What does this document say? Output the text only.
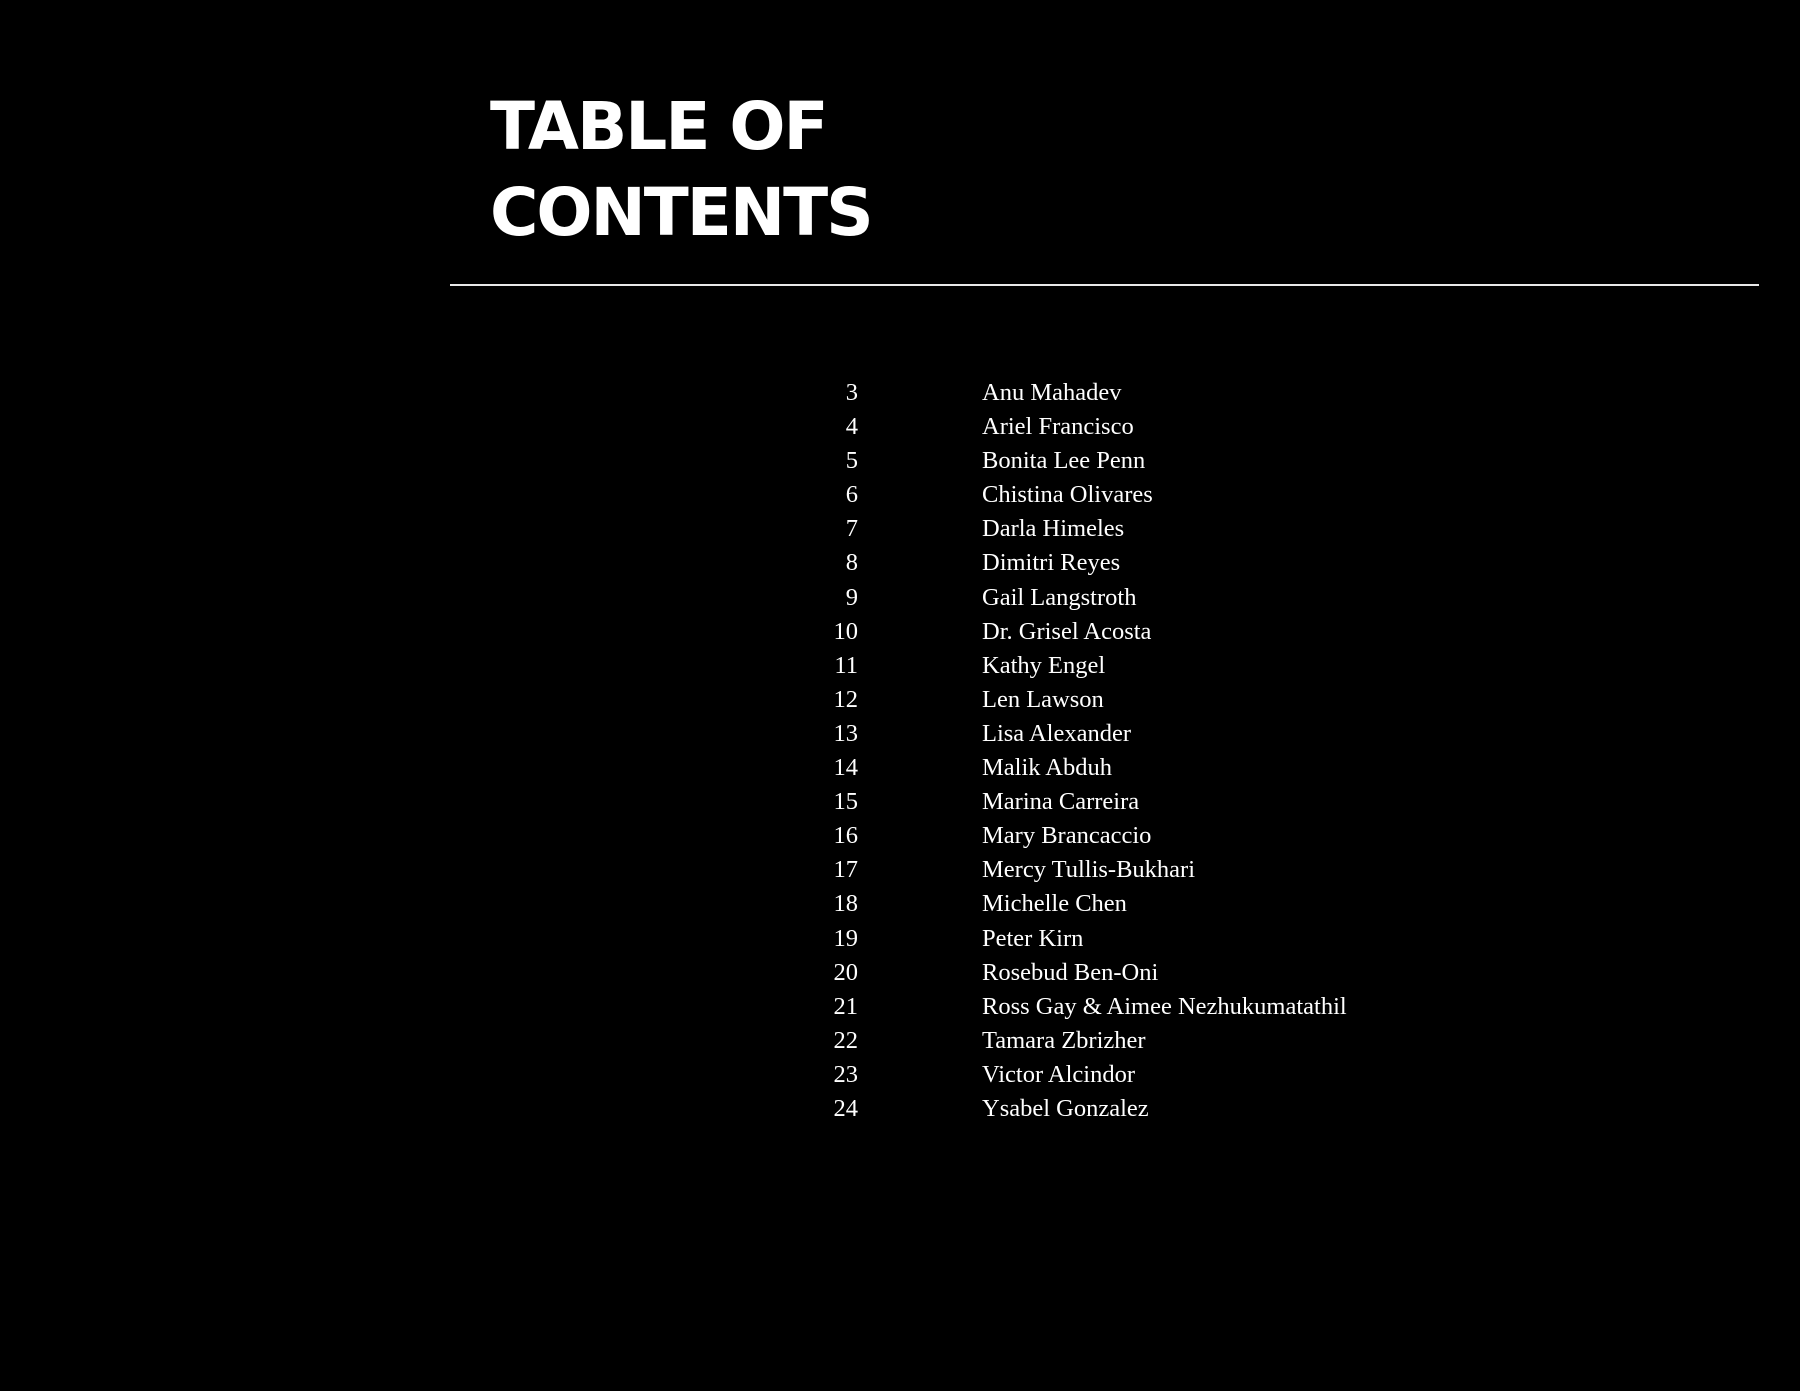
TABLE OF
CONTENTS
3	Anu Mahadev
4	Ariel Francisco
5	Bonita Lee Penn
6	Chistina Olivares
7	Darla Himeles
8	Dimitri Reyes
9	Gail Langstroth
10	Dr. Grisel Acosta
11	Kathy Engel
12	Len Lawson
13	Lisa Alexander
14	Malik Abduh
15	Marina Carreira
16	Mary Brancaccio
17	Mercy Tullis-Bukhari
18	Michelle Chen
19	Peter Kirn
20	Rosebud Ben-Oni
21	Ross Gay & Aimee Nezhukumatathil
22	Tamara Zbrizher
23	Victor Alcindor
24	Ysabel Gonzalez
